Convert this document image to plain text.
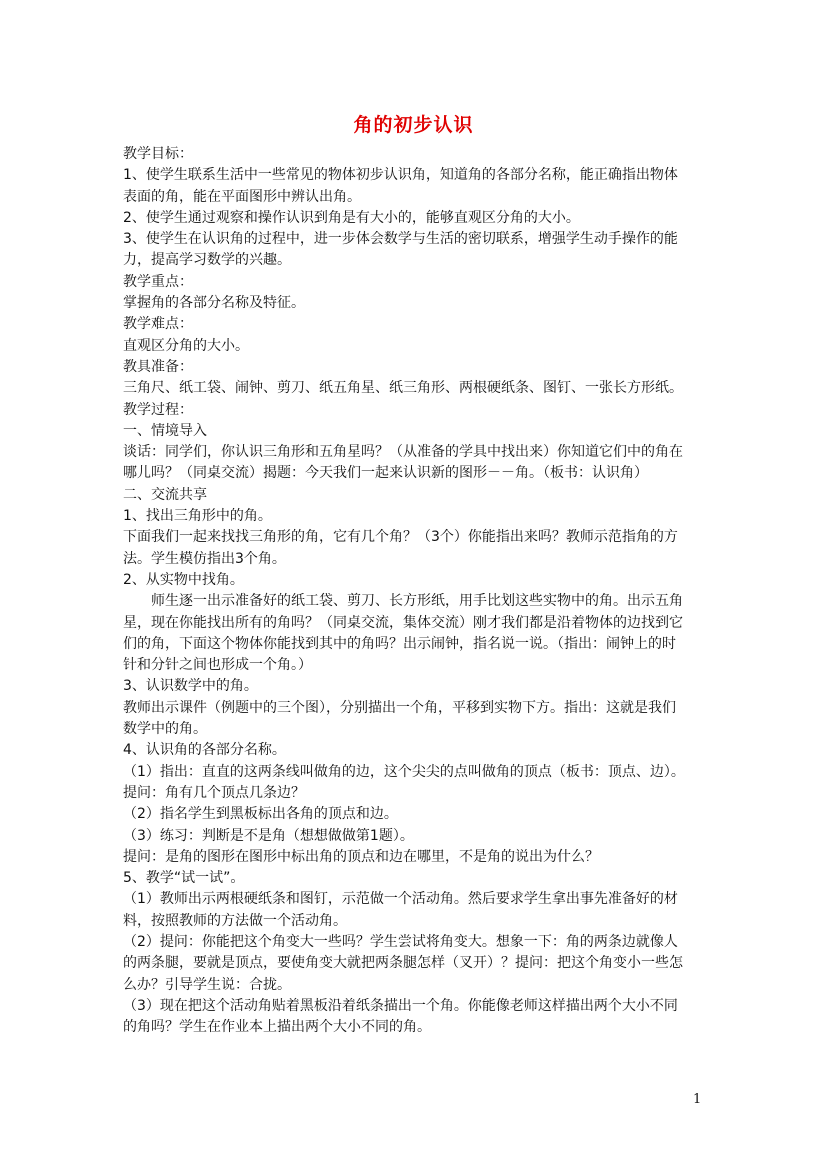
角的初步认识

教学目标：

1、使学生联系生活中一些常见的物体初步认识角，知道角的各部分名称，能正确指出物体

表面的角，能在平面图形中辨认出角。

2、使学生通过观察和操作认识到角是有大小的，能够直观区分角的大小。

3、使学生在认识角的过程中，进一步体会数学与生活的密切联系，增强学生动手操作的能

力，提高学习数学的兴趣。

教学重点：

掌握角的各部分名称及特征。

教学难点：

直观区分角的大小。

教具准备：

三角尺、纸工袋、闹钟、剪刀、纸五角星、纸三角形、两根硬纸条、图钉、一张长方形纸。

教学过程：

一、情境导入

谈话：同学们，你认识三角形和五角星吗？（从准备的学具中找出来）你知道它们中的角在

哪儿吗？（同桌交流）揭题：今天我们一起来认识新的图形－－角。（板书：认识角）

二、交流共享

1、找出三角形中的角。

下面我们一起来找找三角形的角，它有几个角？（3个）你能指出来吗？教师示范指角的方

法。学生模仿指出3个角。

2、从实物中找角。

师生逐一出示准备好的纸工袋、剪刀、长方形纸，用手比划这些实物中的角。出示五角

星，现在你能找出所有的角吗？（同桌交流，集体交流）刚才我们都是沿着物体的边找到它

们的角，下面这个物体你能找到其中的角吗？出示闹钟，指名说一说。（指出：闹钟上的时

针和分针之间也形成一个角。）

3、认识数学中的角。

教师出示课件（例题中的三个图），分别描出一个角，平移到实物下方。指出：这就是我们

数学中的角。

4、认识角的各部分名称。

（1）指出：直直的这两条线叫做角的边，这个尖尖的点叫做角的顶点（板书：顶点、边）。

提问：角有几个顶点几条边？

（2）指名学生到黑板标出各角的顶点和边。

（3）练习：判断是不是角（想想做做第1题）。

提问：是角的图形在图形中标出角的顶点和边在哪里，不是角的说出为什么？

5、教学“试一试”。

（1）教师出示两根硬纸条和图钉，示范做一个活动角。然后要求学生拿出事先准备好的材

料，按照教师的方法做一个活动角。

（2）提问：你能把这个角变大一些吗？学生尝试将角变大。想象一下：角的两条边就像人

的两条腿，要就是顶点，要使角变大就把两条腿怎样（叉开）？提问：把这个角变小一些怎

么办？引导学生说：合拢。

（3）现在把这个活动角贴着黑板沿着纸条描出一个角。你能像老师这样描出两个大小不同

的角吗？学生在作业本上描出两个大小不同的角。

1
